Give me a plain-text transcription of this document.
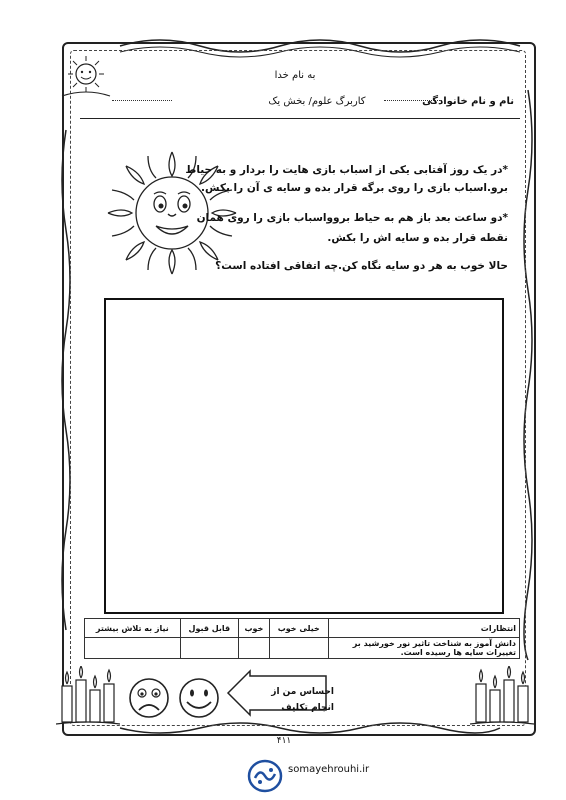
به نام خدا
نام و نام خانوادگی
کاربرگ علوم/ بخش یک
*در یک روز آفتابی یکی از اسباب بازی هایت را بردار و به حیاط
برو.اسباب بازی را روی برگه قرار بده و سایه ی آن را بکش.
*دو ساعت بعد باز هم به حیاط بروواسباب بازی را روی همان
نقطه قرار بده و سایه اش را بکش.
حالا خوب به هر دو سایه نگاه کن.چه اتفاقی افتاده است؟
انتظارات	خیلی خوب	خوب	قابل قبول	نیاز به تلاش بیشتر
دانش آموز به شناخت تاثیر نور خورشید بر تغییرات سایه ها رسیده است.				
احساس من از
انجام تکلیف
۴۱۱
somayehrouhi.ir
